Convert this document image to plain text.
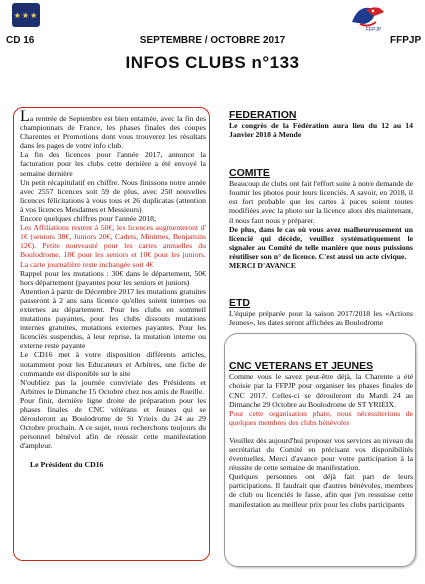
★★★
FFPJP
CD 16	SEPTEMBRE / OCTOBRE 2017	FFPJP
INFOS CLUBS n°133

La rentrée de Septembre est bien entamée, avec la fin des championnats de France, les phases finales des coupes Charentes et Promotions dont vous trouverez les résultats dans les pages de votre info club.

La fin des licences pour l'année 2017, annonce la facturation pour les clubs cette dernière a été envoyé la semaine dernière

Un petit récapitulatif en chiffre. Nous finissons notre année avec 2557 licences soit 59 de plus, avec 250 nouvelles licences félicitations à vous tous et 26 duplicatas (attention à vos licences Mesdames et Messieurs)

Encore quelques chiffres pour l'année 2018,

Les Affiliations restent à 50€, les licences augmenteront d' 1€ (seniors 38€, Juniors 20€, Cadets, Minimes, Benjamins 12€). Petite nouveauté pour les cartes annuelles du Boulodrome, 18€ pour les seniors et 10€ pour les juniors. La carte journalière reste inchangée soit 4€

Rappel pour les mutations : 30€ dans le département, 50€ hors département (payantes pour les seniors et juniors)

Attention à partir de Décembre 2017 les mutations gratuites passeront à 2 ans sans licence qu'elles soient internes ou externes au département. Pour les clubs en sommeil mutations payantes, pour les clubs dissouts mutations internes gratuites, mutations externes payantes. Pour les licenciés suspendus, à leur reprise, la mutation interne ou externe reste payante

Le CD16 met à votre disposition différents articles, notamment pour les Educateurs et Arbitres, une fiche de commande est disponible sur le site

N'oubliez pas la journée conviviale des Présidents et Arbitres le Dimanche 15 Octobre chez nos amis de Rueille.

Pour finir, dernière ligne droite de préparation pour les phases finales de CNC vétérans et Jeunes qui se dérouleront au Boulodrome de St Yrieix du 24 au 29 Octobre prochain. A ce sujet, nous recherchons toujours du personnel bénévol afin de réussir cette manifestation d'ampleur.

Le Président du CD16

FEDERATION

Le congrès de la Fédération aura lieu du 12 au 14 Janvier 2018 à Mende

COMITE

Beaucoup de clubs ont fait l'effort suite à notre demande de fournir les photos pour leurs licenciés. A savoir, en 2018, il est fort probable que les cartes à puces soient toutes modifiées avec la photo sur la licence alors dès maintenant, il nous faut nous y préparer.

De plus, dans le cas où vous avez malheureusement un licencié qui décède, veuillez systématiquement le signaler au Comité de telle manière que nous puissions réutiliser son n° de licence. C'est aussi un acte civique.

MERCI D'AVANCE

ETD

L'équipe préparée pour la saison 2017/2018 les «Actions Jeunes», les dates seront affichées au Boulodrome

CNC VETERANS ET JEUNES

Comme vous le savez peut-être déjà, la Charente a été choisie par la FFPJP pour organiser les phases finales de CNC 2017. Celles-ci se dérouleront du Mardi 24 au Dimanche 29 Octobre au Boulodrome de ST YRIEIX.

Pour cette organisation phare, nous nécessiterions de quelques membres des clubs bénévoles

Veuillez dès aujourd'hui proposer vos services au niveau du secrétariat du Comité en précisant vos disponibilités éventuelles. Merci d'avance pour votre participation à la réussite de cette semaine de manifestation.

Quelques personnes ont déjà fait part de leurs participations. Il faudrait que d'autres bénévoles, membres de club ou licenciés le fasse, afin que j'en ressuisse cette manifestation au meilleur prix pour les clubs participants
